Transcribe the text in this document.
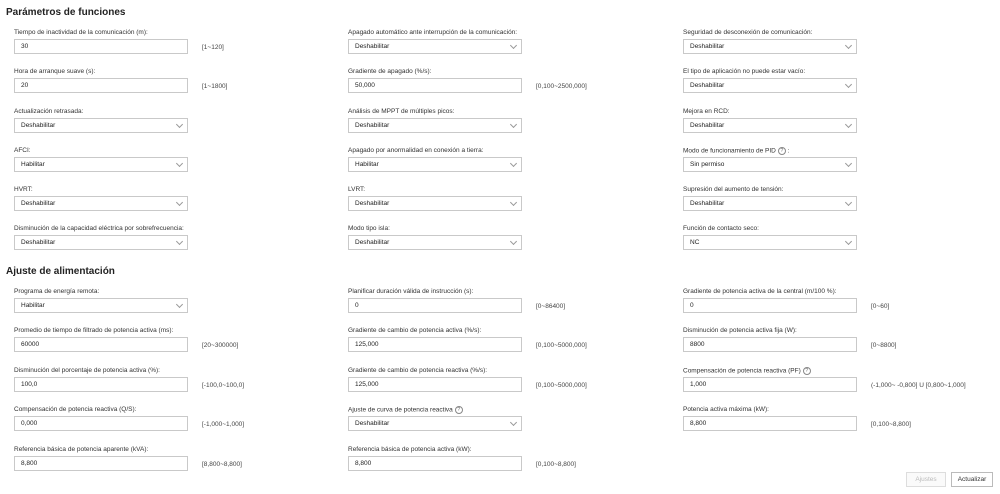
Parámetros de funciones
Tiempo de inactividad de la comunicación (m):
30
[1~120]
Apagado automático ante interrupción de la comunicación:
Deshabilitar
Seguridad de desconexión de comunicación:
Deshabilitar
Hora de arranque suave (s):
20
[1~1800]
Gradiente de apagado (%/s):
50,000
[0,100~2500,000]
El tipo de aplicación no puede estar vacío:
Deshabilitar
Actualización retrasada:
Deshabilitar
Análisis de MPPT de múltiples picos:
Deshabilitar
Mejora en RCD:
Deshabilitar
AFCI:
Habilitar
Apagado por anormalidad en conexión a tierra:
Habilitar
Modo de funcionamiento de PID ? :
Sin permiso
HVRT:
Deshabilitar
LVRT:
Deshabilitar
Supresión del aumento de tensión:
Deshabilitar
Disminución de la capacidad eléctrica por sobrefrecuencia:
Deshabilitar
Modo tipo isla:
Deshabilitar
Función de contacto seco:
NC
Ajuste de alimentación
Programa de energía remota:
Habilitar
Planificar duración válida de instrucción (s):
0
[0~86400]
Gradiente de potencia activa de la central (m/100 %):
0
[0~60]
Promedio de tiempo de filtrado de potencia activa (ms):
60000
[20~300000]
Gradiente de cambio de potencia activa (%/s):
125,000
[0,100~5000,000]
Disminución de potencia activa fija (W):
8800
[0~8800]
Disminución del porcentaje de potencia activa (%):
100,0
[-100,0~100,0]
Gradiente de cambio de potencia reactiva (%/s):
125,000
[0,100~5000,000]
Compensación de potencia reactiva (PF) ?
1,000
(-1,000~ -0,800] U [0,800~1,000]
Compensación de potencia reactiva (Q/S):
0,000
[-1,000~1,000]
Ajuste de curva de potencia reactiva ?
Deshabilitar
Potencia activa máxima (kW):
8,800
[0,100~8,800]
Referencia básica de potencia aparente (kVA):
8,800
[8,800~8,800]
Referencia básica de potencia activa (kW):
8,800
[0,100~8,800]
Ajustes	Actualizar
